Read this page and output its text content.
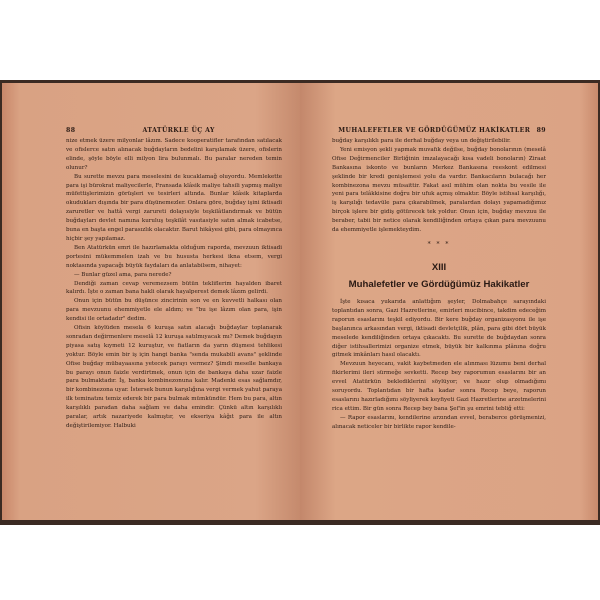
88	ATATÜRKLE ÜÇ AY

nize etmek üzere milyonlar lâzım. Sadece kooperatifler tarafından satılacak ve ofislerce satın alınacak buğdayların bedelini karşılamak üzere, ofislerin elinde, şöyle böyle elli milyon lira bulunmalı. Bu paralar nereden temin olunur?

Bu surette mevzu para meselesini de kucaklamağ oluyordu. Memlekette para işi bürokrat maliyecilerle, Fransada klâsik maliye tahsili yapmış maliye müfettişlerimizin görüşleri ve tesirleri altında. Bunlar klâsik kitaplarda okudukları dışında bir para düşünemezler. Onlara göre, buğday işini iktisadi zaruretler ve hattâ vergi zarureti dolayısiyle teşkilâtlandırmak ve bütün buğdayları devlet namına kuruluş teşkilât vasıtasiyle satın almak icabetse, buna en başta engel parasızlık olacaktır. Barut hikâyesi gibi, para olmayınca hiçbir şey yapılamaz.

Ben Atatürkün emri ile hazırlamakta olduğum raporda, mevzuun iktisadi portesini mükemmelen izah ve bu hususta herkesi ikna etsem, vergi noktasında yapacağı büyük faydaları da anlatabilsem, nihayet:

— Bunlar güzel ama, para nerede?

Dendiği zaman cevap veremezsem bütün tekliflerim hayalden ibaret kalırdı. İşte o zaman bana hakli olarak hayalperest demek lâzım gelirdi.

Onun için bütün bu düşünce zincirinin son ve en kuvvetli halkası olan para mevzuunu ehemmiyetle ele aldım; ve "bu işe lâzım olan para, işin kendisi ile ortadadır" dedim.

Ofisin köylüden mesela 6 kuruşa satın alacağı buğdaylar toplanarak sonradan değirmenlere meselâ 12 kuruşa satılmıyacak mı? Demek buğdayın piyasa satış kıymeti 12 kuruştur, ve fiatların da yarın düşmesi tehlikesi yoktur. Böyle emin bir iş için hangi banka "senda mukabili avans" şeklinde Ofise buğday mübayaasına yetecek parayı vermez? Şimdi meselle bankaya bu parayı onun faizle verdirtmek, onun için de bankaya daha uzar faizle para bulmaktadır. İş, banka kombinezonuna kalır. Madenki esas sağlamdır, bir kombinezona uyar. İstersek bunun karşılığına vergi vermek yahut paraya ilk teminatını temiz ederek bir para bulmak mümkündür. Hem bu para, altın karşılıklı paradan daha sağlam ve daha emindir. Çünkü altın karşılıklı paralar, artık nazariyede kalmıştır, ve ekseriya kâğıt para ile altın değiştirilemiyor. Halbuki

MUHALEFETLER VE GÖRDÜĞÜMÜZ HAKİKATLER	89

buğday karşılıklı para ile derhal buğday veya un değiştirilebilir.

Yeni emisyon şekli yapmak muvafık değilse, buğday bonolarının (meselâ Ofise Değirmenciler Birliğinin imzalayacağı kısa vadeli bonoların) Ziraat Bankasına iskonto ve bunların Merkez Bankasına reeskont edilmesi şeklinde bir kredi genişlemesi yolu da vardır. Bankacıların bulacağı her kombinezona mevzu müsaittir. Fakat asıl mühim olan nokta bu vesile ile yeni para telâkkisine doğru bir ufuk açmış olmaktır. Böyle istihsal karşılığı, iş karşılığı tedavüle para çıkarabilmek, paralardan dolayı yapamadığımız birçok işlere bir gidiş götürecek tek yoldur. Onun için, buğday mevzuu ile beraber, tabii bir netice olarak kendiliğinden ortaya çıkan para mevzuunu da ehemmiyetle işlemekteydim.

* * *
XIII
Muhalefetler ve Gördüğümüz Hakikatler

İşte kısaca yukarıda anlattığım şeyler, Dolmabahçe sarayındaki toplantıdan sonra, Gazi Hazretlerine, emirleri mucibince, takdim edeceğim raporun esaslarını teşkil ediyordu. Bir kere buğday organizasyonu ile işe başlanınca arkasından vergi, iktisadi devletçilik, plân, para gibi dört büyük meselede kendiliğinden ortaya çıkacaktı. Bu surette de buğdaydan sonra diğer istihsallerimizi organize etmek, büyük bir kalkınma plânına doğru gitmek imkânları hasıl olacaktı.

Mevzuun heyecanı, vakit kaybetmeden ele alınması lüzumu beni derhal fikirlerimi ileri sürmeğe sevketti. Recep bey raporumun esaslarını bir an evvel Atatürkün beklediklerini söylüyor; ve hazır olup olmadığımı soruyordu. Toplantıdan bir hafta kadar sonra Recep beye, raporun esaslarını hazırladığımı söyliyerek keyfiyeti Gazi Hazretlerine arzetmelerini rica ettim. Bir gün sonra Recep bey bana Şef'in şu emrini tebliğ etti:

— Rapor esaslarını, kendilerine arzından evvel, beraberce görüşmenizi, alınacak neticeler bir birlikte rapor kendile-
